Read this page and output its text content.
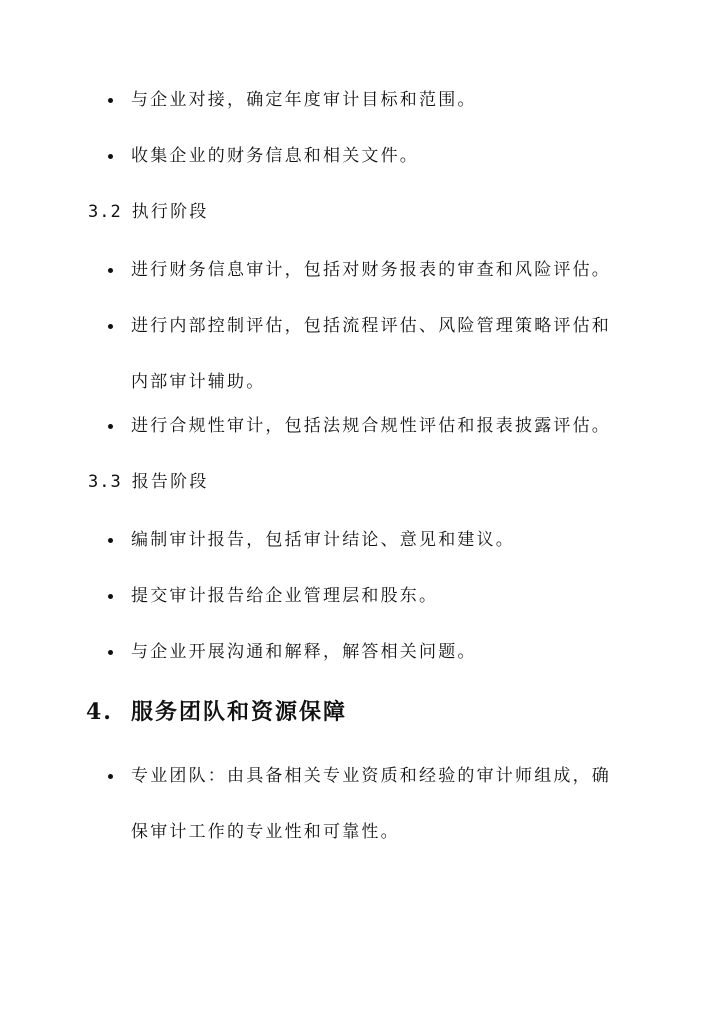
与企业对接，确定年度审计目标和范围。
收集企业的财务信息和相关文件。
3.2 执行阶段
进行财务信息审计，包括对财务报表的审查和风险评估。
进行内部控制评估，包括流程评估、风险管理策略评估和内部审计辅助。
进行合规性审计，包括法规合规性评估和报表披露评估。
3.3 报告阶段
编制审计报告，包括审计结论、意见和建议。
提交审计报告给企业管理层和股东。
与企业开展沟通和解释，解答相关问题。
4. 服务团队和资源保障
专业团队：由具备相关专业资质和经验的审计师组成，确保审计工作的专业性和可靠性。
